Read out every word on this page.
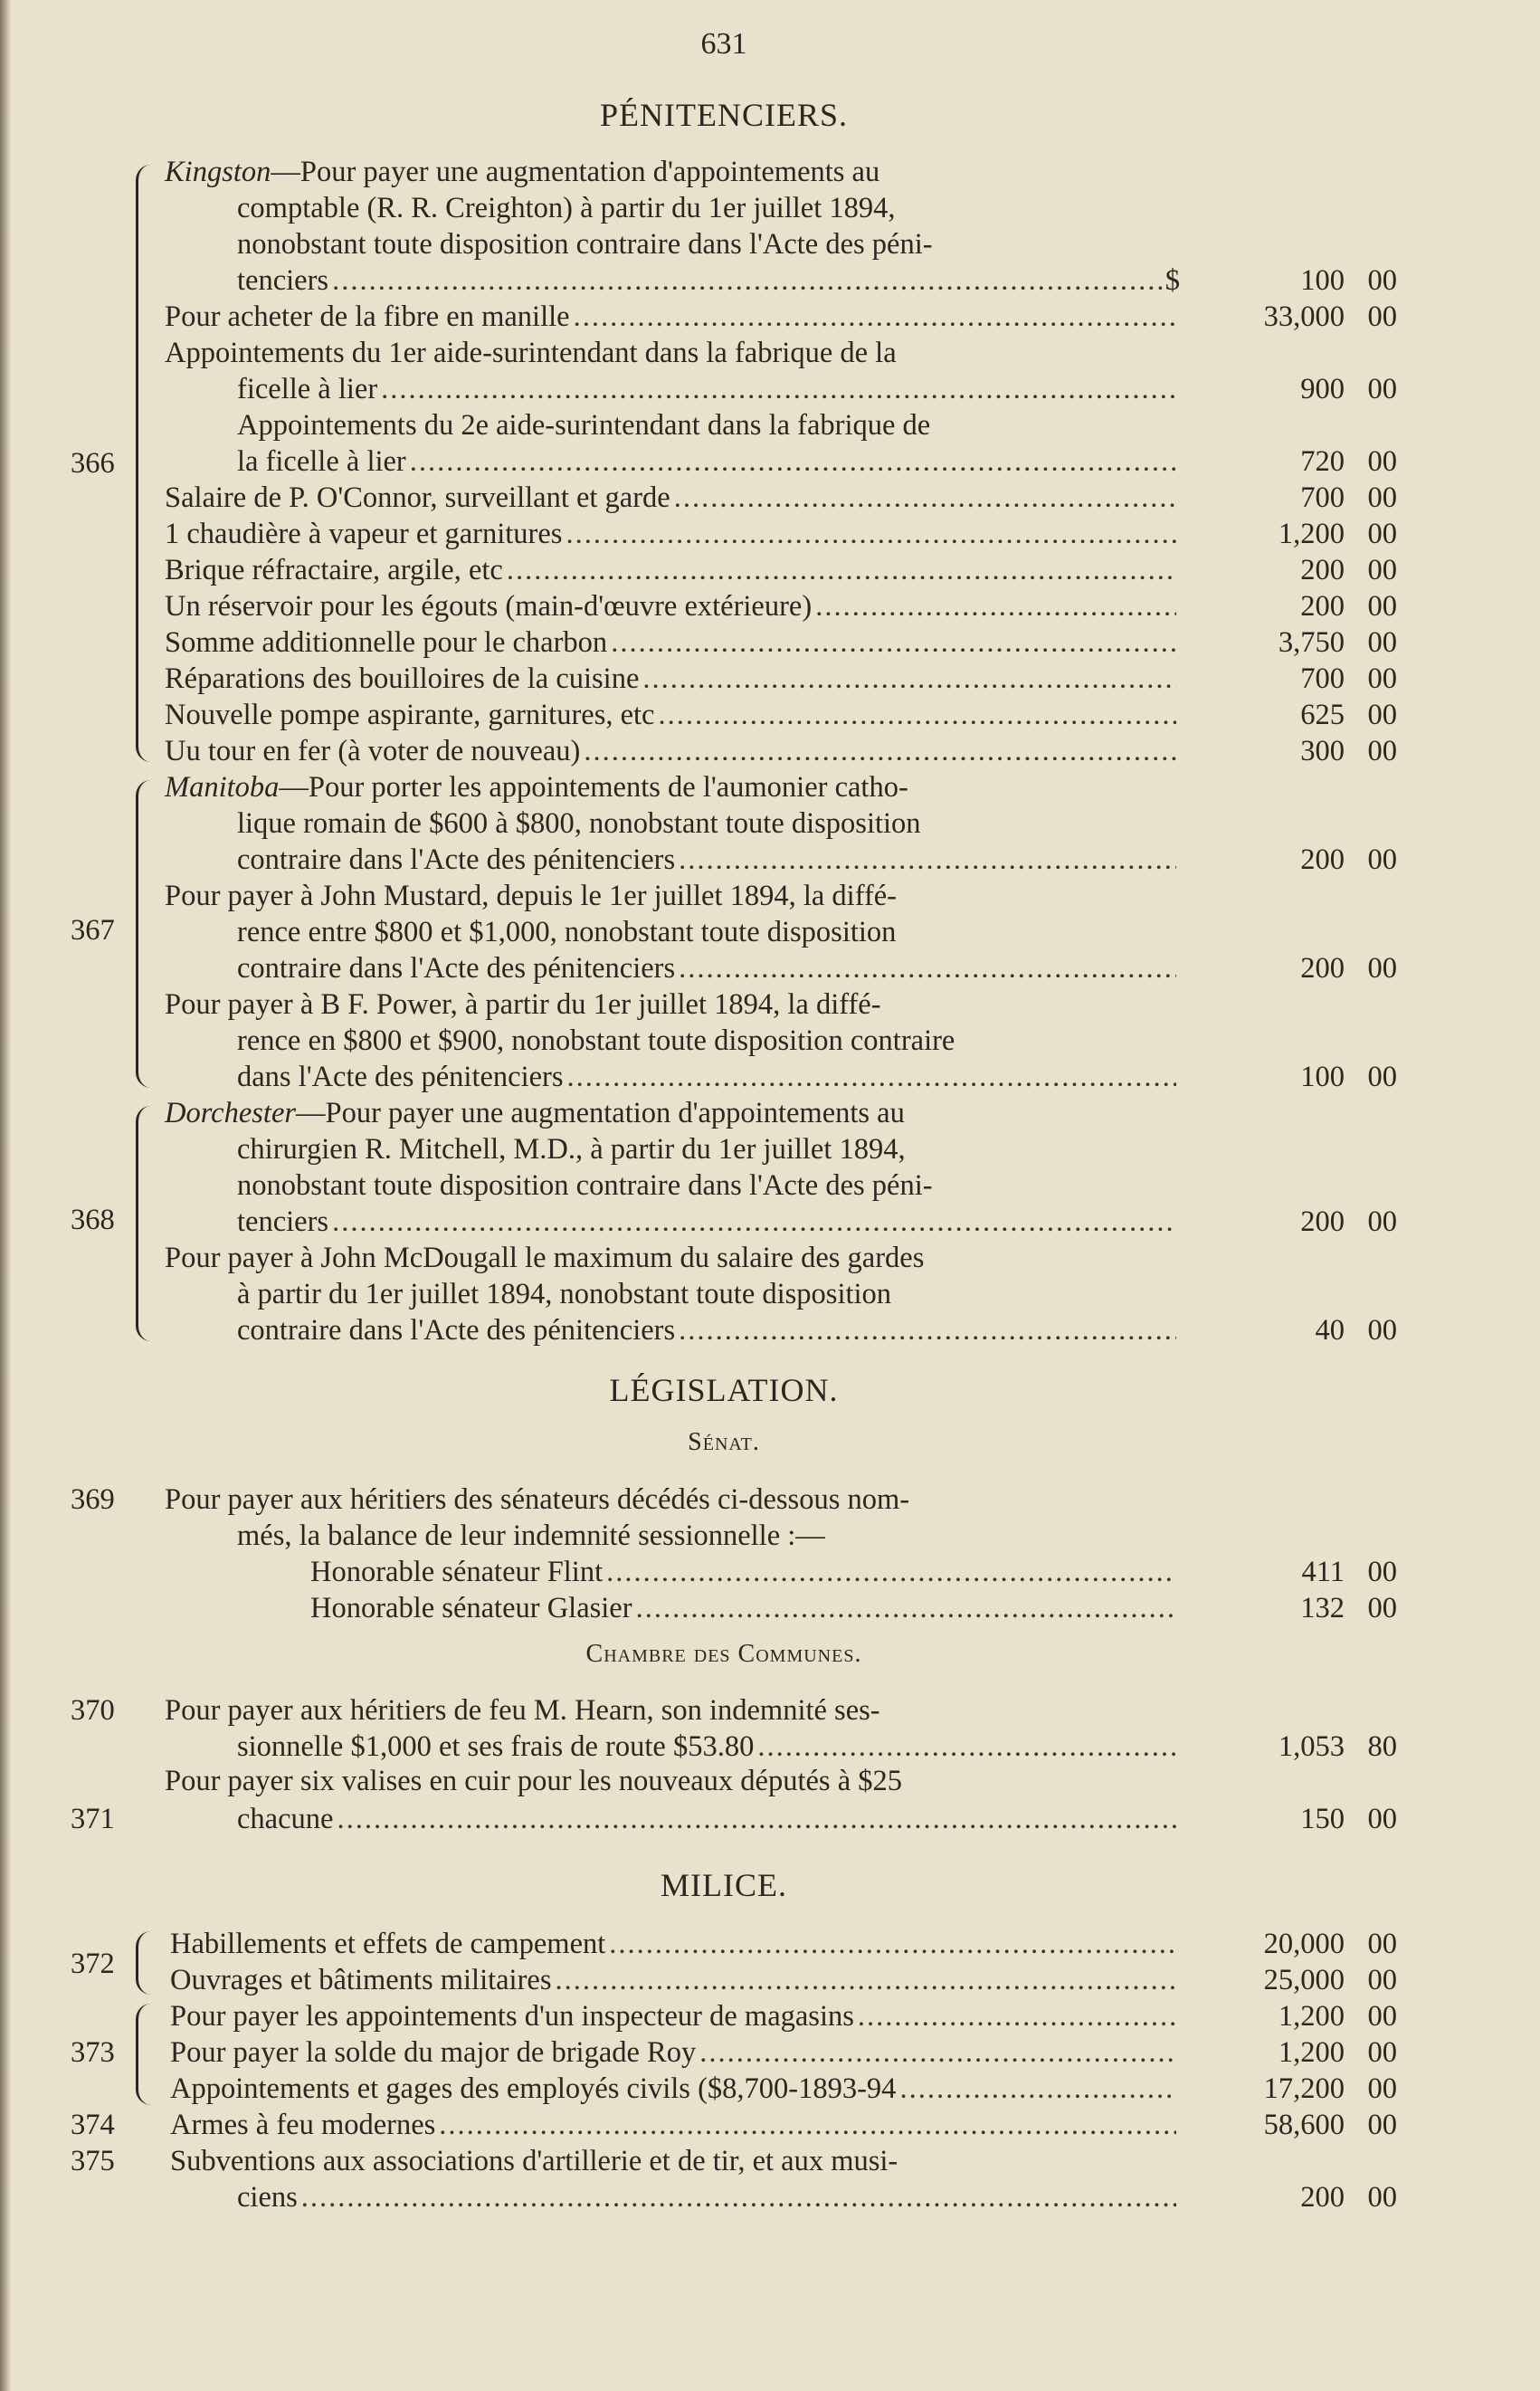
631
PÉNITENCIERS.
366
Kingston—Pour payer une augmentation d'appointements au
comptable (R. R. Creighton) à partir du 1er juillet 1894,
nonobstant toute disposition contraire dans l'Acte des péni-
tenciers .....	$	100 00
Pour acheter de la fibre en manille .....	33,000 00
Appointements du 1er aide-surintendant dans la fabrique de la
ficelle à lier .....	900 00
Appointements du 2e aide-surintendant dans la fabrique de
la ficelle à lier .....	720 00
Salaire de P. O'Connor, surveillant et garde .....	700 00
1 chaudière à vapeur et garnitures .....	1,200 00
Brique réfractaire, argile, etc .....	200 00
Un réservoir pour les égouts (main-d'œuvre extérieure) .....	200 00
Somme additionnelle pour le charbon .....	3,750 00
Réparations des bouilloires de la cuisine .....	700 00
Nouvelle pompe aspirante, garnitures, etc .....	625 00
Uu tour en fer (à voter de nouveau) .....	300 00
367
Manitoba—Pour porter les appointements de l'aumonier catho-
lique romain de $600 à $800, nonobstant toute disposition
contraire dans l'Acte des pénitenciers .....	200 00
Pour payer à John Mustard, depuis le 1er juillet 1894, la diffé-
rence entre $800 et $1,000, nonobstant toute disposition
contraire dans l'Acte des pénitenciers .....	200 00
Pour payer à B F. Power, à partir du 1er juillet 1894, la diffé-
rence en $800 et $900, nonobstant toute disposition contraire
dans l'Acte des pénitenciers .....	100 00
368
Dorchester—Pour payer une augmentation d'appointements au
chirurgien R. Mitchell, M.D., à partir du 1er juillet 1894,
nonobstant toute disposition contraire dans l'Acte des péni-
tenciers .....	200 00
Pour payer à John McDougall le maximum du salaire des gardes
à partir du 1er juillet 1894, nonobstant toute disposition
contraire dans l'Acte des pénitenciers .....	40 00
LÉGISLATION.
Sénat.
369 Pour payer aux héritiers des sénateurs décédés ci-dessous nom-
més, la balance de leur indemnité sessionnelle :—
Honorable sénateur Flint .....	411 00
Honorable sénateur Glasier .....	132 00
Chambre des Communes.
370 Pour payer aux héritiers de feu M. Hearn, son indemnité ses-
sionnelle $1,000 et ses frais de route $53.80 .....	1,053 80
Pour payer six valises en cuir pour les nouveaux députés à $25
371	chacune .....	150 00
MILICE.
372
Habillements et effets de campement .....	20,000 00
Ouvrages et bâtiments militaires .....	25,000 00
373
Pour payer les appointements d'un inspecteur de magasins .....	1,200 00
Pour payer la solde du major de brigade Roy .....	1,200 00
Appointements et gages des employés civils ($8,700-1893-94 .....	17,200 00
374 Armes à feu modernes .....	58,600 00
375 Subventions aux associations d'artillerie et de tir, et aux musi-
ciens .....	200 00
